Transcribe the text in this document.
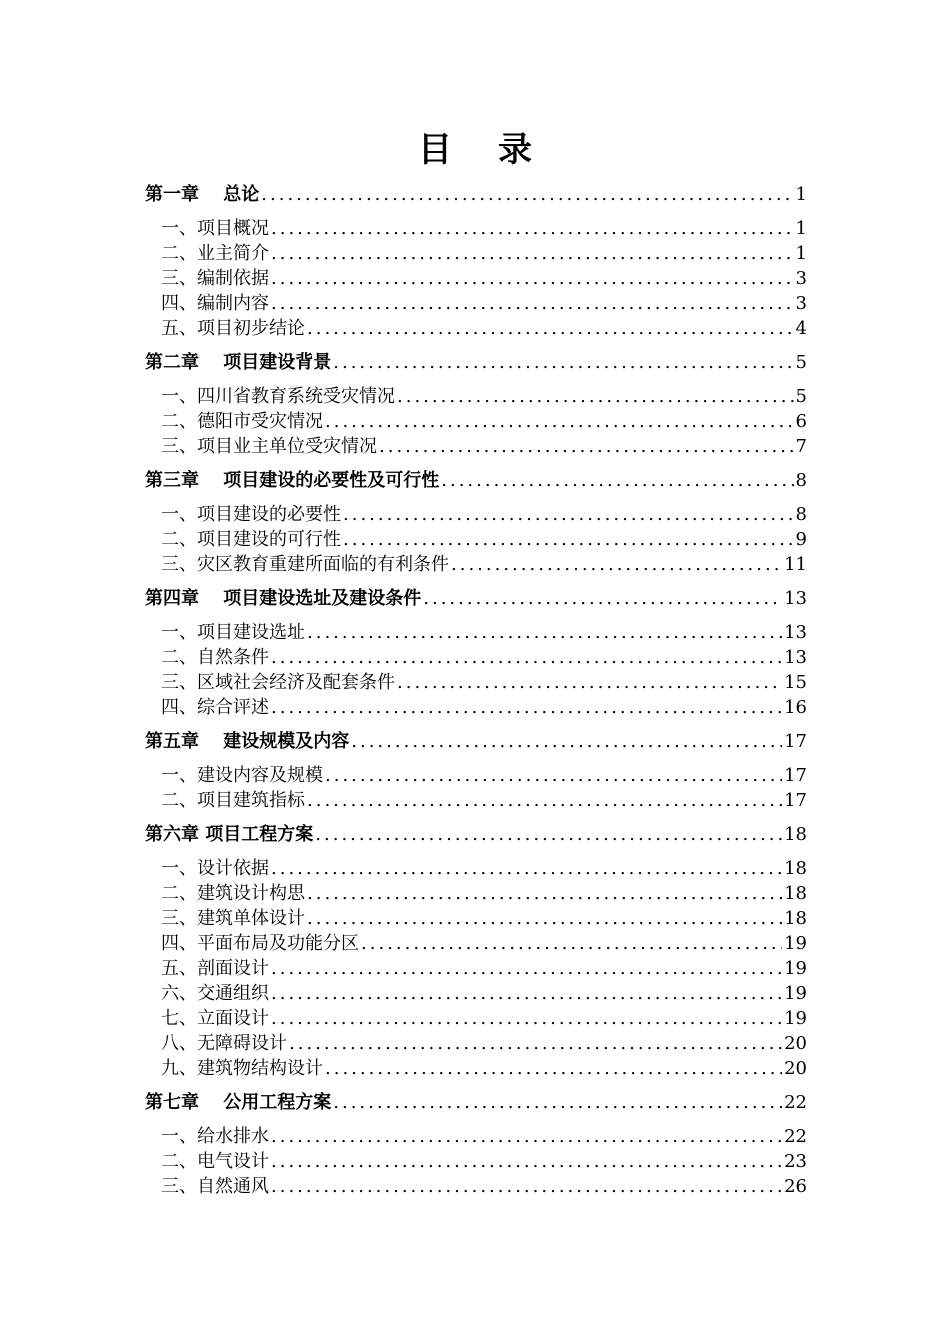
目 录
第一章　 总论 .....	1
一、项目概况 .....	1
二、业主简介 .....	1
三、编制依据 .....	3
四、编制内容 .....	3
五、项目初步结论 .....	4
第二章　 项目建设背景 .....	5
一、四川省教育系统受灾情况 .....	5
二、德阳市受灾情况 .....	6
三、项目业主单位受灾情况 .....	7
第三章　 项目建设的必要性及可行性 .....	8
一、项目建设的必要性 .....	8
二、项目建设的可行性 .....	9
三、灾区教育重建所面临的有利条件 .....	11
第四章　 项目建设选址及建设条件 .....	13
一、项目建设选址 .....	13
二、自然条件 .....	13
三、区域社会经济及配套条件 .....	15
四、综合评述 .....	16
第五章　 建设规模及内容 .....	17
一、建设内容及规模 .....	17
二、项目建筑指标 .....	17
第六章 项目工程方案 .....	18
一、设计依据 .....	18
二、建筑设计构思 .....	18
三、建筑单体设计 .....	18
四、平面布局及功能分区 .....	19
五、剖面设计 .....	19
六、交通组织 .....	19
七、立面设计 .....	19
八、无障碍设计 .....	20
九、建筑物结构设计 .....	20
第七章　 公用工程方案 .....	22
一、给水排水 .....	22
二、电气设计 .....	23
三、自然通风 .....	26
